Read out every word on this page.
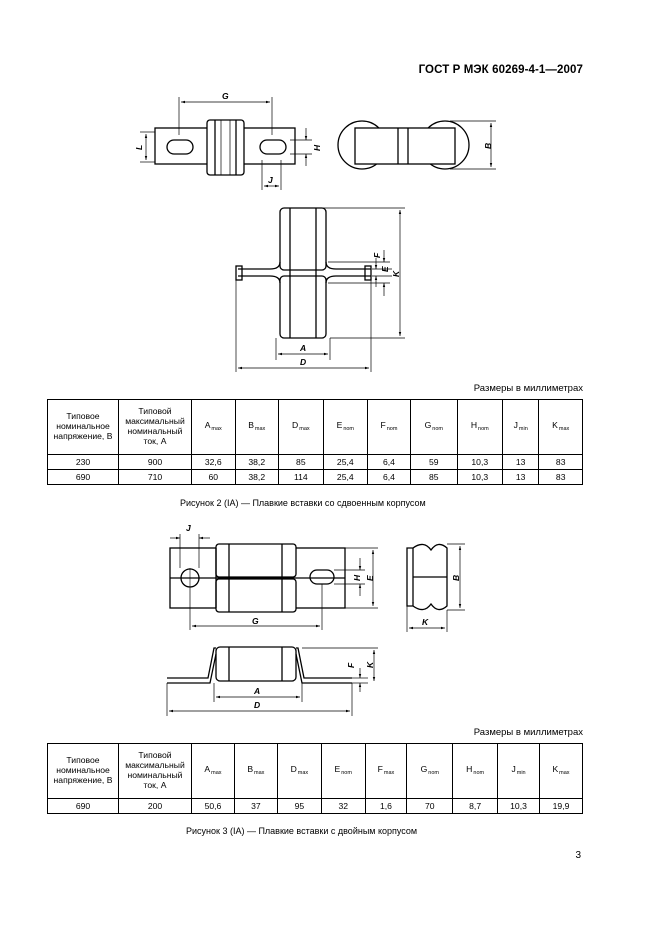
ГОСТ Р МЭК 60269-4-1—2007
G
L	H
J
B
F
E
K
A
D
Размеры в миллиметрах
Типовое номинальное напряжение, В	Типовой максимальный номинальный ток, А	$A_{max}$	$B_{max}$	$D_{max}$	$E_{nom}$	$F_{nom}$	$G_{nom}$	$H_{nom}$	$J_{min}$	$K_{max}$
230	900	32,6	38,2	85	25,4	6,4	59	10,3	13	83
690	710	60	38,2	114	25,4	6,4	85	10,3	13	83
Рисунок 2 (IA) — Плавкие вставки со сдвоенным корпусом
J
H E	B
G	K
F K
A
D
Размеры в миллиметрах
Типовое номинальное напряжение, В	Типовой максимальный номинальный ток, А	$A_{max}$	$B_{max}$	$D_{max}$	$E_{nom}$	$F_{max}$	$G_{nom}$	$H_{nom}$	$J_{min}$	$K_{max}$
690	200	50,6	37	95	32	1,6	70	8,7	10,3	19,9
Рисунок 3 (IA) — Плавкие вставки с двойным корпусом
3
